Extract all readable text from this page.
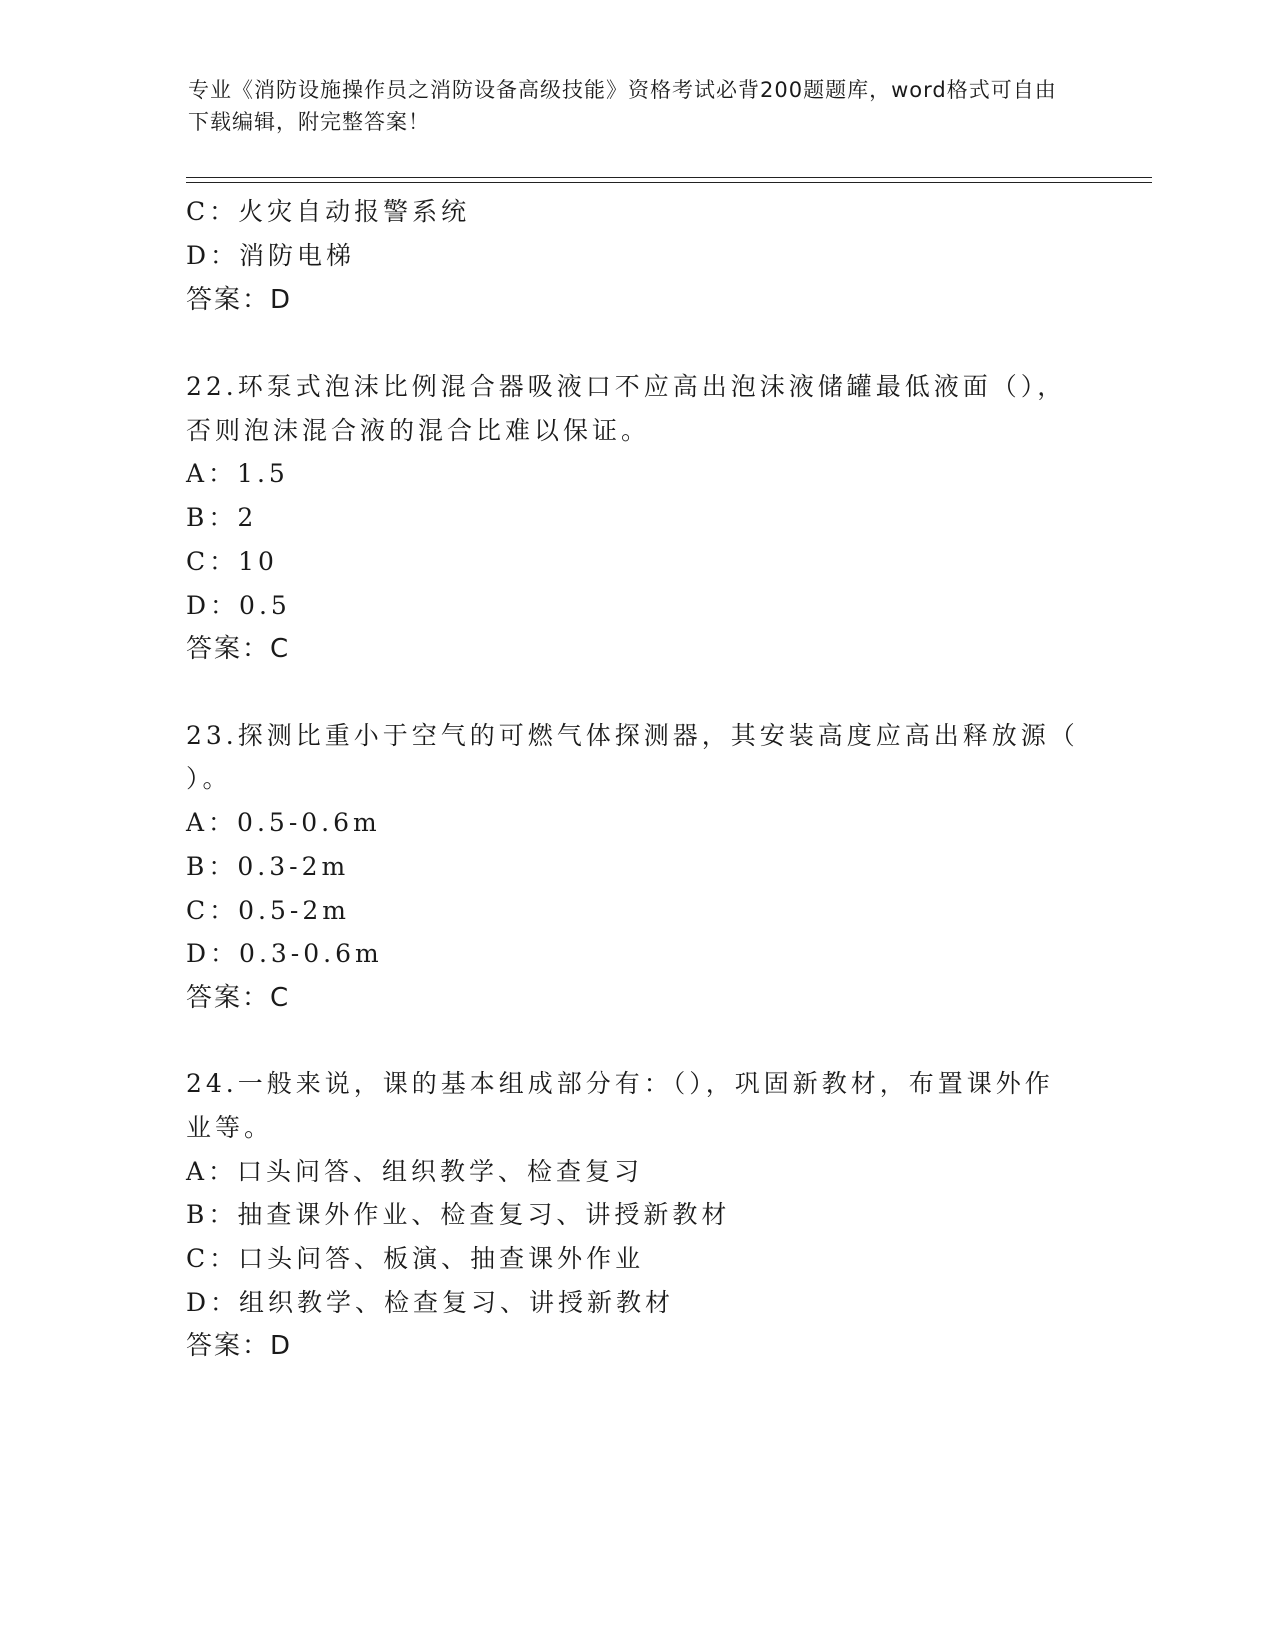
专业《消防设施操作员之消防设备高级技能》资格考试必背200题题库，word格式可自由下载编辑，附完整答案！
C：火灾自动报警系统
D：消防电梯
答案：D
22.环泵式泡沫比例混合器吸液口不应高出泡沫液储罐最低液面（），
否则泡沫混合液的混合比难以保证。
A：1.5
B：2
C：10
D：0.5
答案：C
23.探测比重小于空气的可燃气体探测器，其安装高度应高出释放源（
）。
A：0.5-0.6m
B：0.3-2m
C：0.5-2m
D：0.3-0.6m
答案：C
24.一般来说，课的基本组成部分有：（），巩固新教材，布置课外作
业等。
A：口头问答、组织教学、检查复习
B：抽查课外作业、检查复习、讲授新教材
C：口头问答、板演、抽查课外作业
D：组织教学、检查复习、讲授新教材
答案：D
